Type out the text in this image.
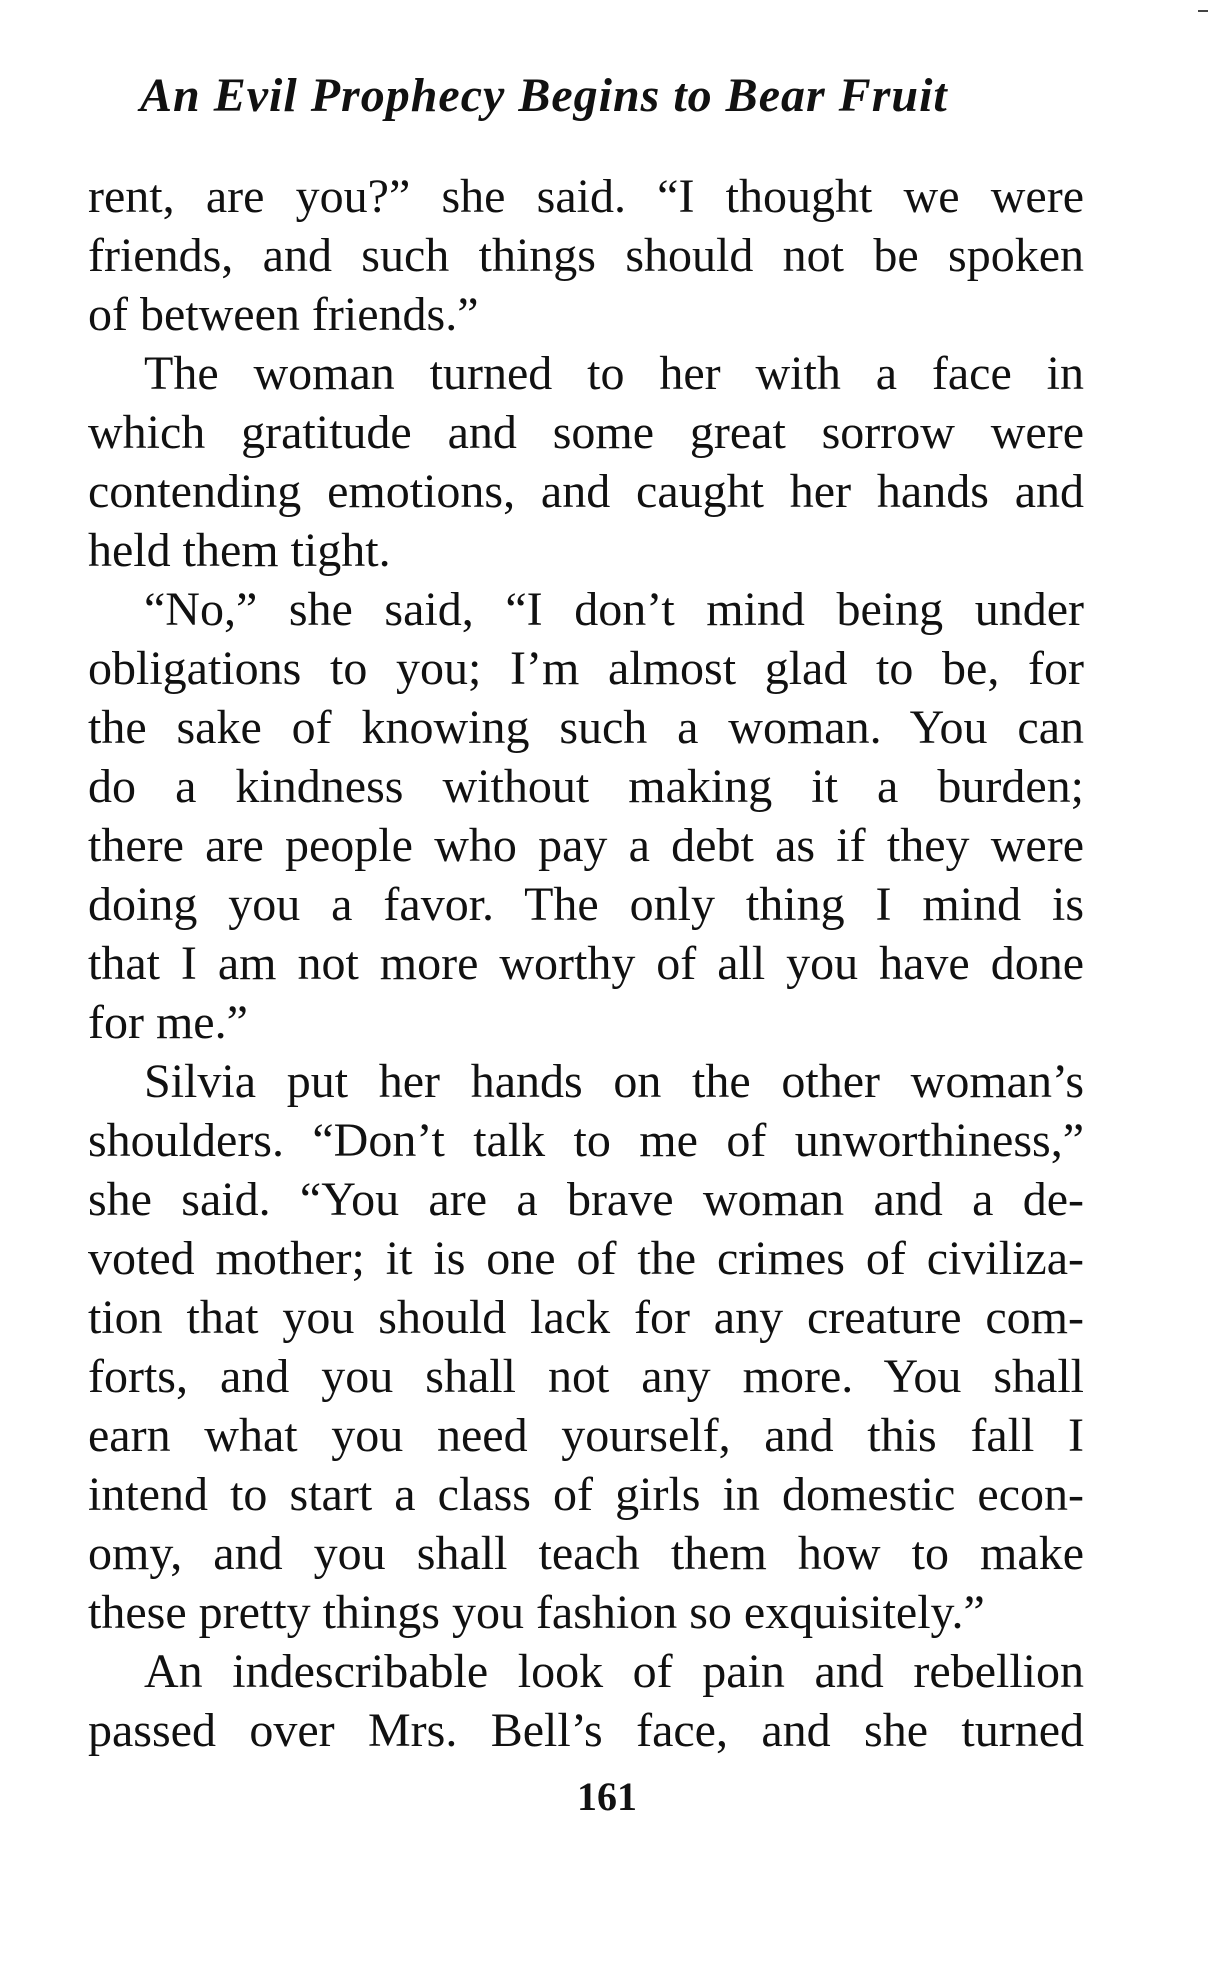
An Evil Prophecy Begins to Bear Fruit
rent, are you?” she said. “I thought we were
friends, and such things should not be spoken
of between friends.”
The woman turned to her with a face in
which gratitude and some great sorrow were
contending emotions, and caught her hands and
held them tight.
“No,” she said, “I don’t mind being under
obligations to you; I’m almost glad to be, for
the sake of knowing such a woman. You can
do a kindness without making it a burden;
there are people who pay a debt as if they were
doing you a favor. The only thing I mind is
that I am not more worthy of all you have done
for me.”
Silvia put her hands on the other woman’s
shoulders. “Don’t talk to me of unworthiness,”
she said. “You are a brave woman and a de-
voted mother; it is one of the crimes of civiliza-
tion that you should lack for any creature com-
forts, and you shall not any more. You shall
earn what you need yourself, and this fall I
intend to start a class of girls in domestic econ-
omy, and you shall teach them how to make
these pretty things you fashion so exquisitely.”
An indescribable look of pain and rebellion
passed over Mrs. Bell’s face, and she turned
161
